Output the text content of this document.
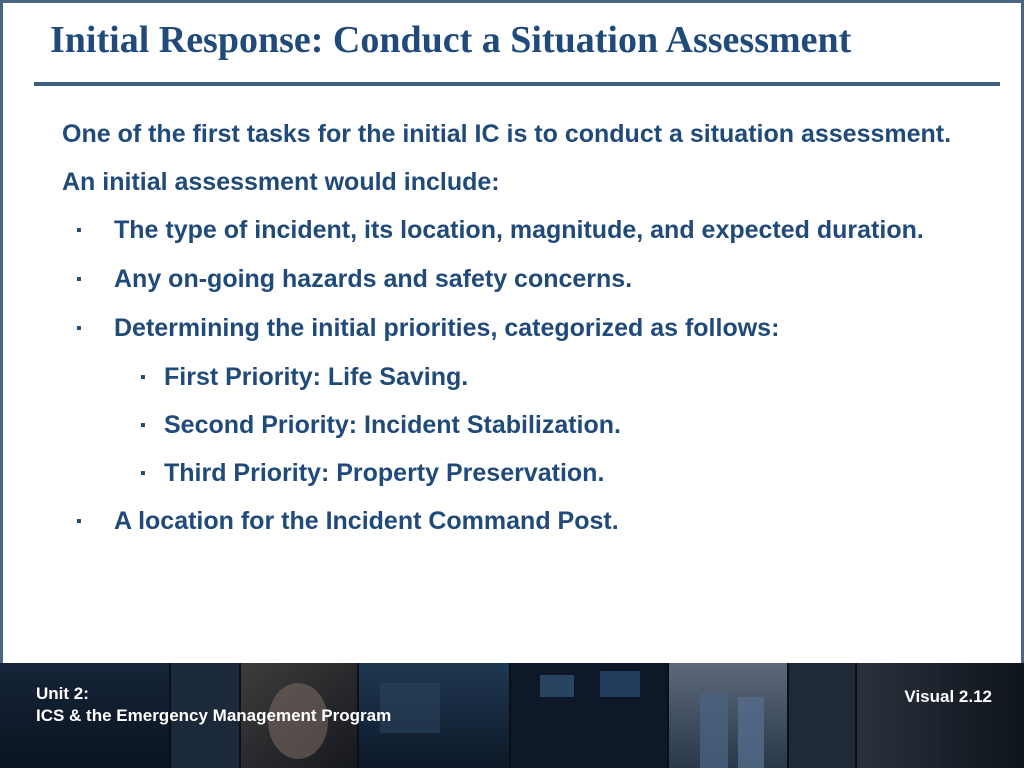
Initial Response: Conduct a Situation Assessment

One of the first tasks for the initial IC is to conduct a situation assessment.

An initial assessment would include:

▪ The type of incident, its location, magnitude, and expected duration.
▪ Any on-going hazards and safety concerns.
▪ Determining the initial priorities, categorized as follows:
▪ First Priority: Life Saving.
▪ Second Priority: Incident Stabilization.
▪ Third Priority: Property Preservation.
▪ A location for the Incident Command Post.
Unit 2:
ICS & the Emergency Management Program
Visual 2.12
